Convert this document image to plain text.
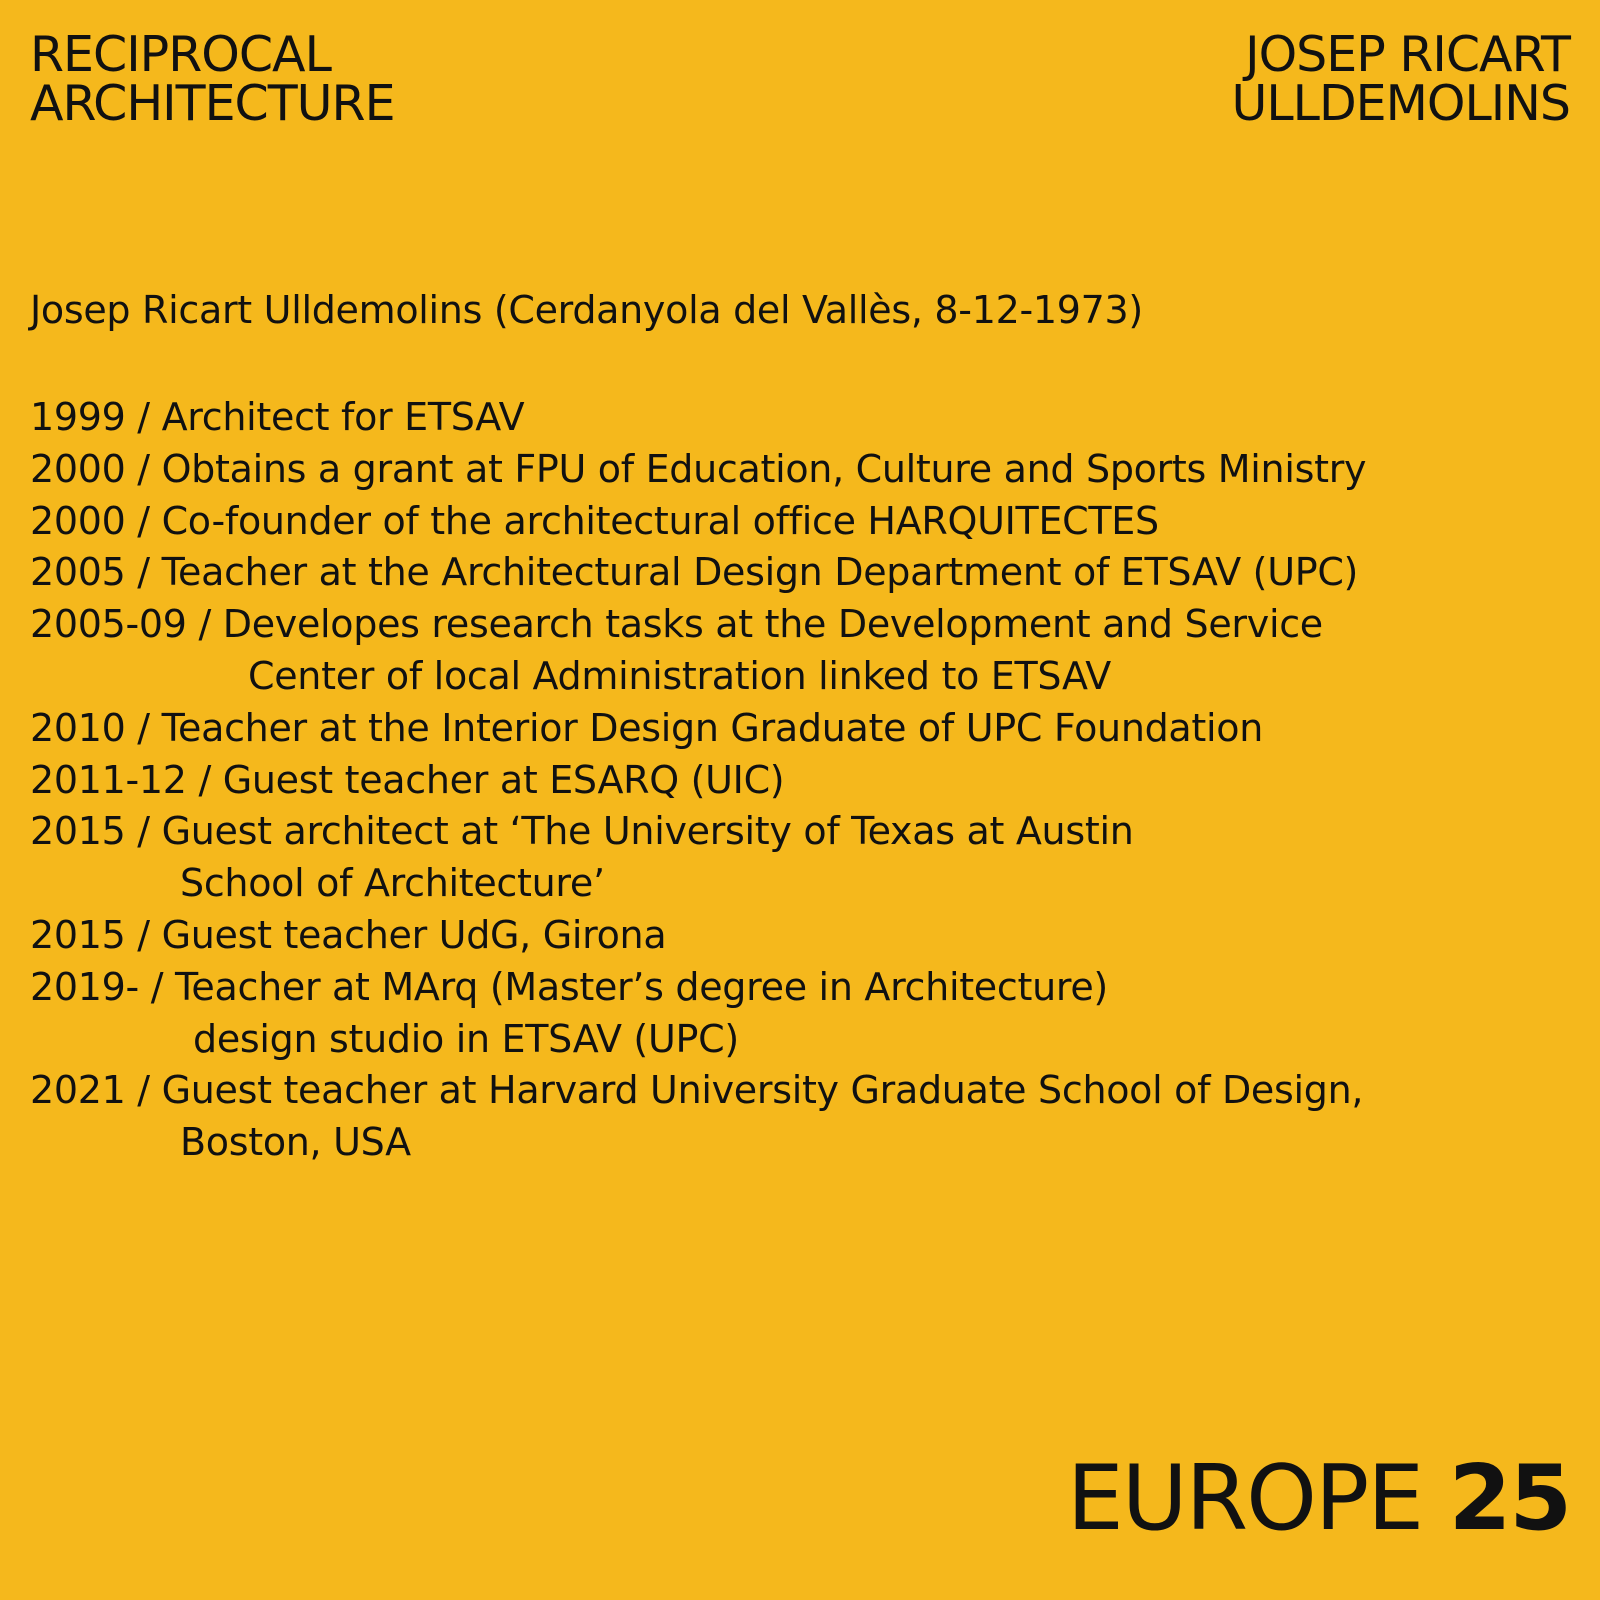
RECIPROCAL
ARCHITECTURE
JOSEP RICART
ULLDEMOLINS
Josep Ricart Ulldemolins (Cerdanyola del Vallès, 8-12-1973)
1999 / Architect for ETSAV
2000 / Obtains a grant at FPU of Education, Culture and Sports Ministry
2000 / Co-founder of the architectural office HARQUITECTES
2005 / Teacher at the Architectural Design Department of ETSAV (UPC)
2005-09 / Developes research tasks at the Development and Service
Center of local Administration linked to ETSAV
2010 / Teacher at the Interior Design Graduate of UPC Foundation
2011-12 / Guest teacher at ESARQ (UIC)
2015 / Guest architect at ‘The University of Texas at Austin
School of Architecture’
2015 / Guest teacher UdG, Girona
2019- / Teacher at MArq (Master’s degree in Architecture)
design studio in ETSAV (UPC)
2021 / Guest teacher at Harvard University Graduate School of Design,
Boston, USA
EUROPE 25
